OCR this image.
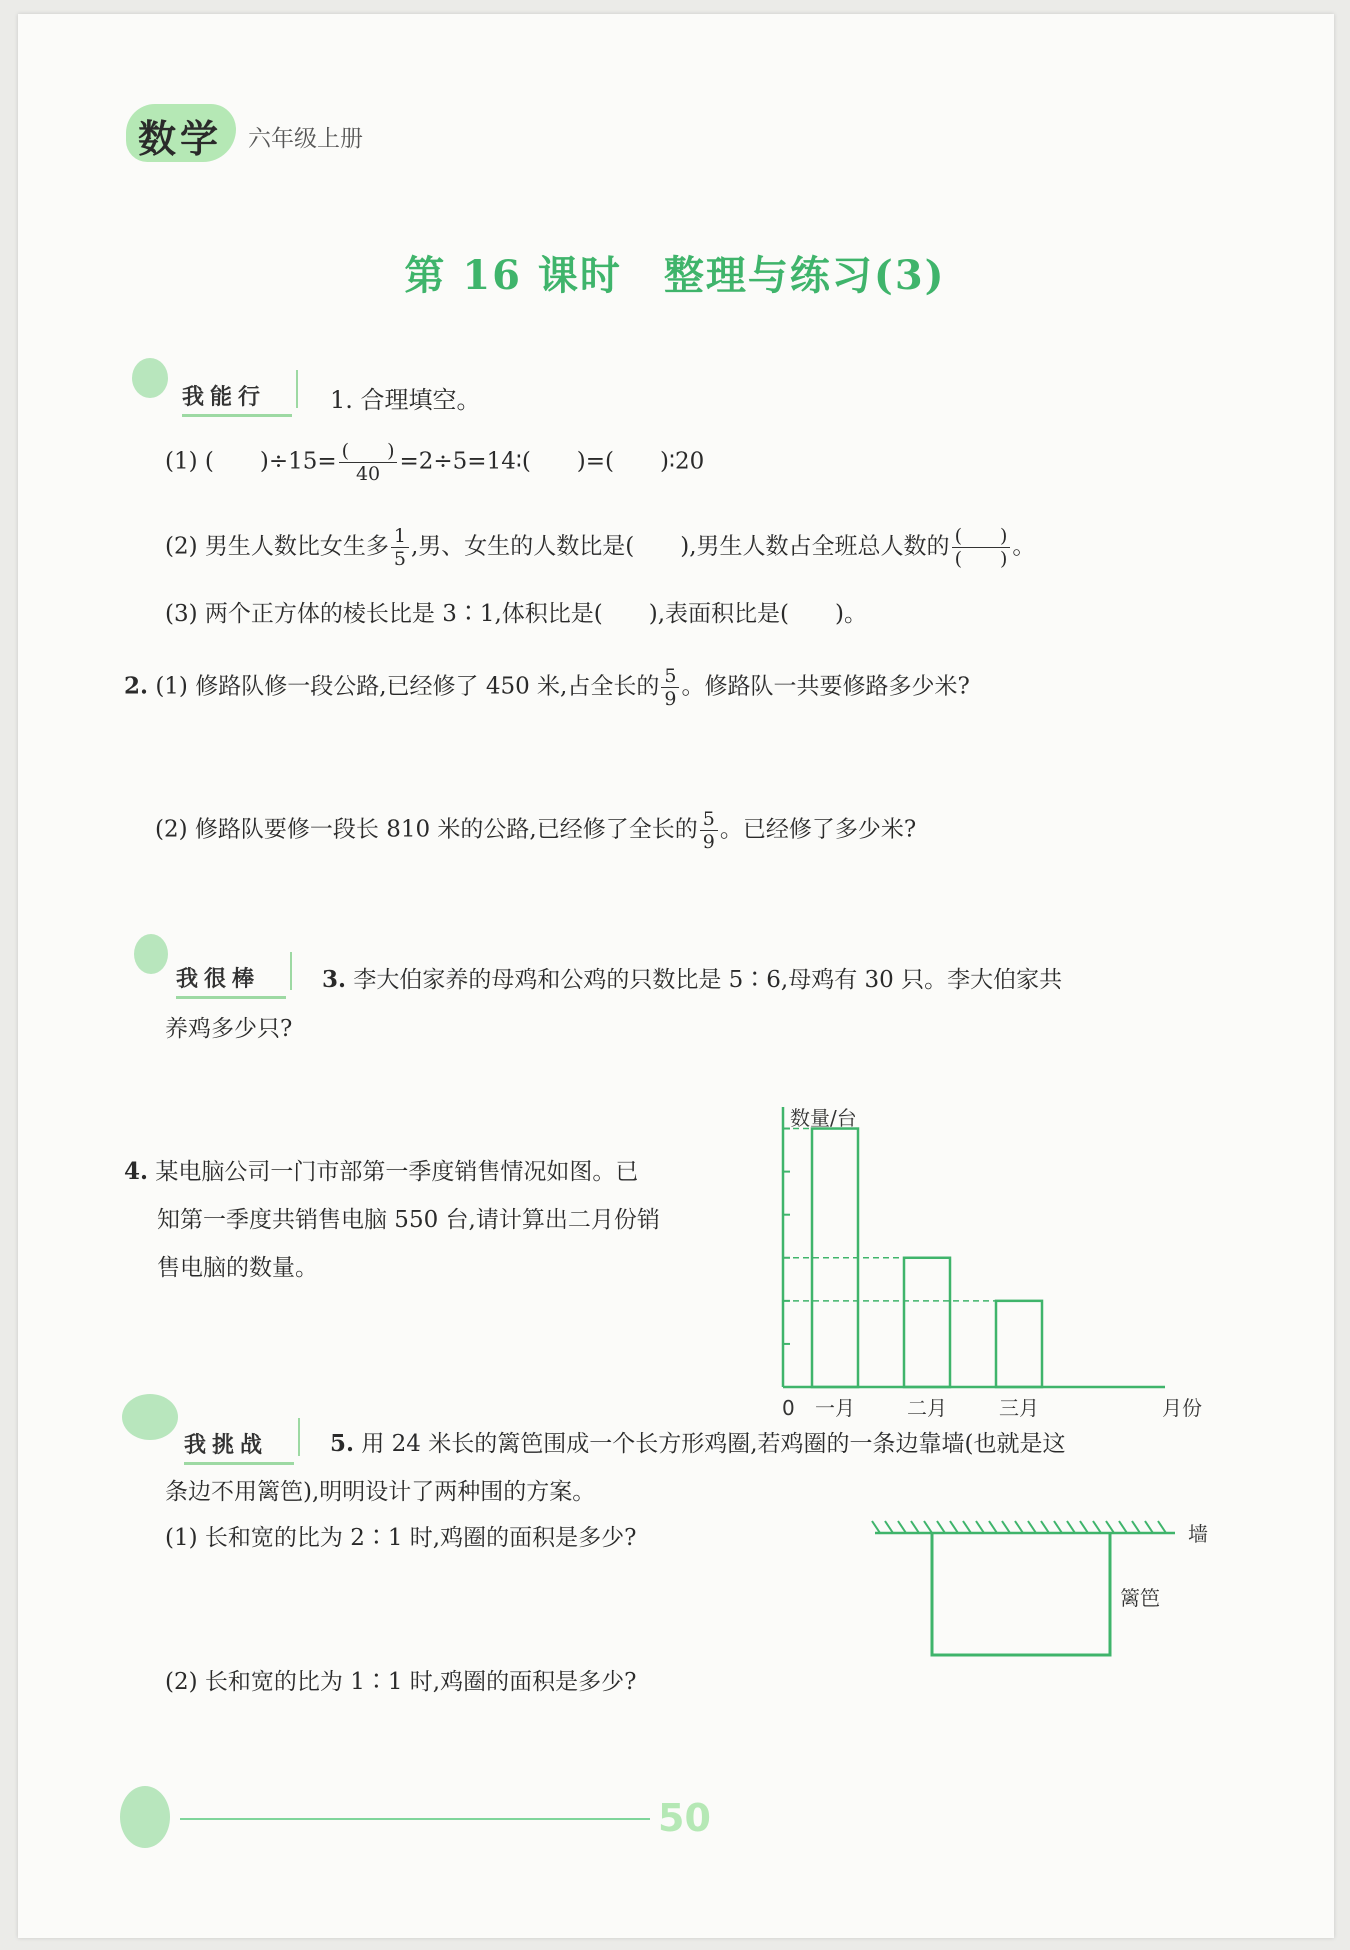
数学 六年级上册
第 16 课时　整理与练习(3)
我能行	1. 合理填空。
(1) (　　)$\div 15= \frac{( )}{40}$ =2÷5=14∶(　　)=(　　)∶20
(2) 男生人数比女生多 $\frac{1}{5}$ ,男、女生的人数比是(　　),男生人数占全班总人数的 $\frac{( )}{( )}$ 。
(3) 两个正方体的棱长比是 3∶1,体积比是(　　),表面积比是(　　)。
2. (1) 修路队修一段公路,已经修了 450 米,占全长的 $\frac{5}{9}$ 。修路队一共要修路多少米?
(2) 修路队要修一段长 810 米的公路,已经修了全长的 $\frac{5}{9}$ 。已经修了多少米?
我很棒	3. 李大伯家养的母鸡和公鸡的只数比是 5∶6,母鸡有 30 只。李大伯家共
养鸡多少只?
4. 某电脑公司一门市部第一季度销售情况如图。已
知第一季度共销售电脑 550 台,请计算出二月份销
售电脑的数量。
一月	二月	三月
数量/台
0	月份
我挑战	5. 用 24 米长的篱笆围成一个长方形鸡圈,若鸡圈的一条边靠墙(也就是这
条边不用篱笆),明明设计了两种围的方案。
(1) 长和宽的比为 2∶1 时,鸡圈的面积是多少?
(2) 长和宽的比为 1∶1 时,鸡圈的面积是多少?
墙
篱笆
50
